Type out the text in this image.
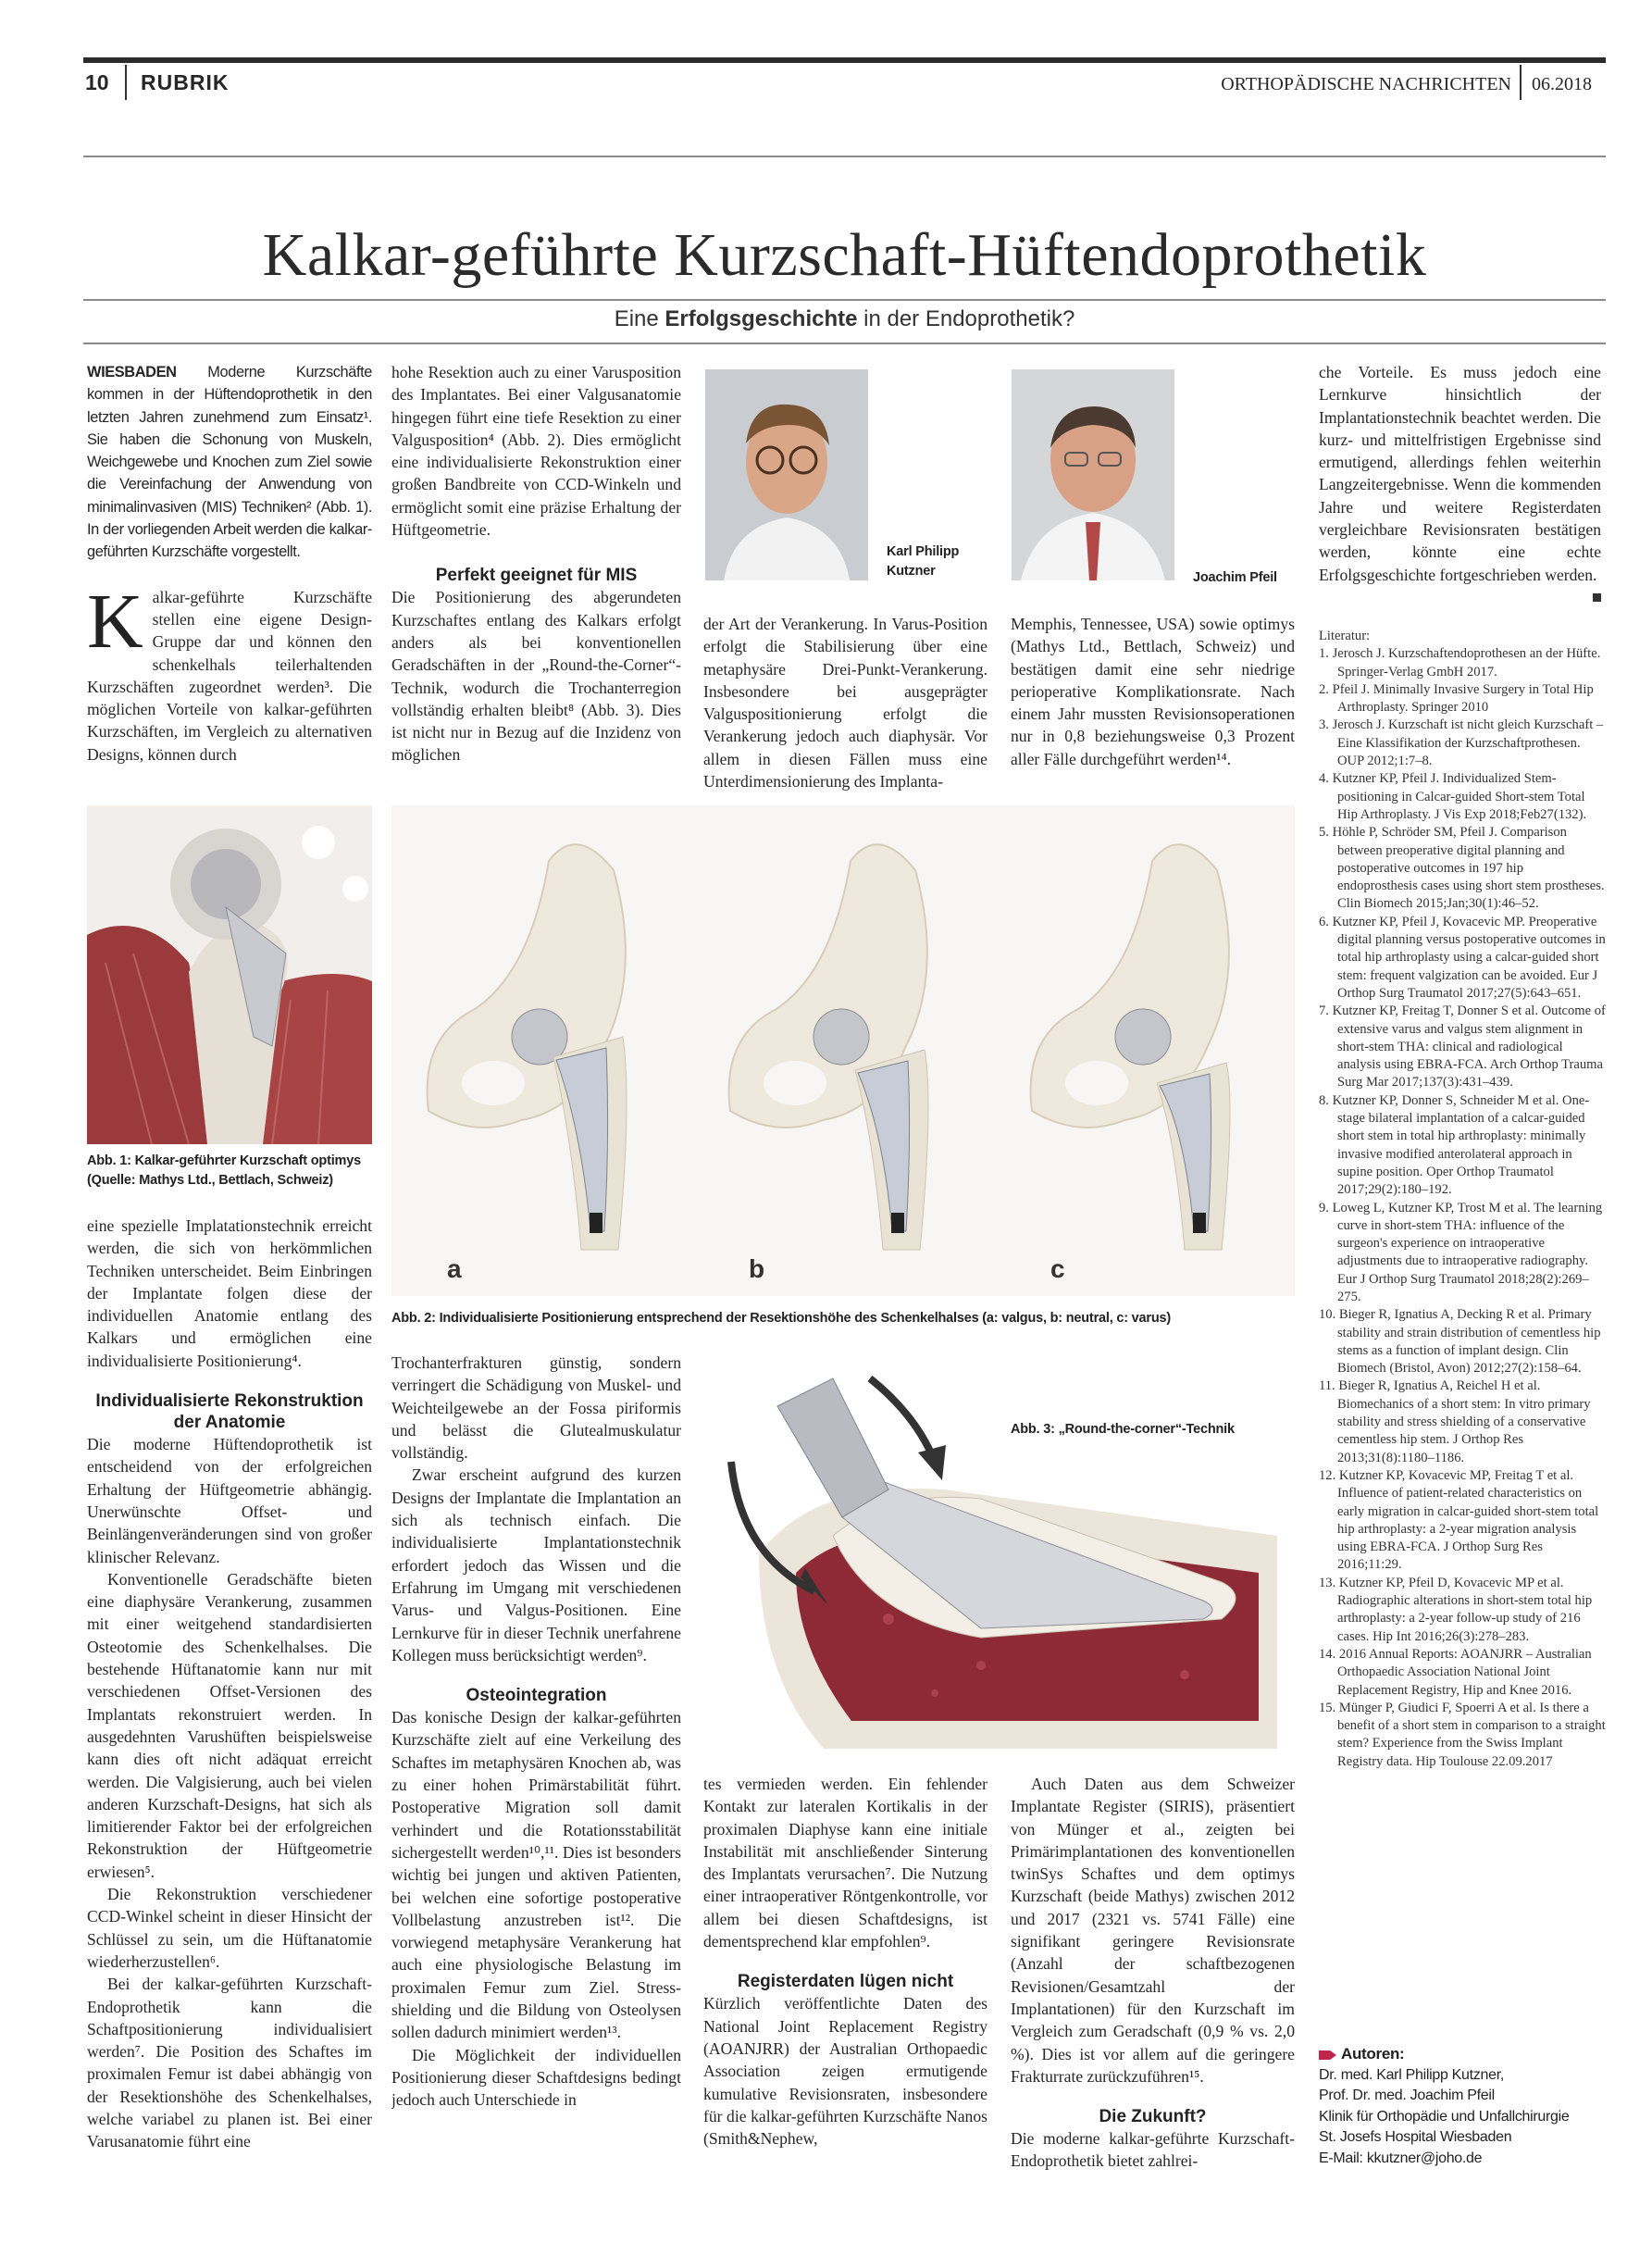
10 RUBRIK	ORTHOPÄDISCHE NACHRICHTEN 06.2018
Kalkar-geführte Kurzschaft-Hüftendoprothetik
Eine Erfolgsgeschichte in der Endoprothetik?

WIESBADEN Moderne Kurzschäfte kommen in der Hüftendoprothetik in den letzten Jahren zunehmend zum Einsatz¹. Sie haben die Schonung von Muskeln, Weichgewebe und Knochen zum Ziel sowie die Vereinfachung der Anwendung von minimalinvasiven (MIS) Techniken² (Abb. 1). In der vorliegenden Arbeit werden die kalkar-geführten Kurzschäfte vorgestellt.

Kalkar-geführte Kurzschäfte stellen eine eigene Design-Gruppe dar und können den schenkelhals teilerhaltenden Kurzschäften zugeordnet werden³. Die möglichen Vorteile von kalkar-geführten Kurzschäften, im Vergleich zu alternativen Designs, können durch

Abb. 1: Kalkar-geführter Kurzschaft optimys (Quelle: Mathys Ltd., Bettlach, Schweiz)

eine spezielle Implatationstechnik erreicht werden, die sich von herkömmlichen Techniken unterscheidet. Beim Einbringen der Implantate folgen diese der individuellen Anatomie entlang des Kalkars und ermöglichen eine individualisierte Positionierung⁴.

Individualisierte Rekonstruktion der Anatomie

Die moderne Hüftendoprothetik ist entscheidend von der erfolgreichen Erhaltung der Hüftgeometrie abhängig. Unerwünschte Offset- und Beinlängenveränderungen sind von großer klinischer Relevanz.

Konventionelle Geradschäfte bieten eine diaphysäre Verankerung, zusammen mit einer weitgehend standardisierten Osteotomie des Schenkelhalses. Die bestehende Hüftanatomie kann nur mit verschiedenen Offset-Versionen des Implantats rekonstruiert werden. In ausgedehnten Varushüften beispielsweise kann dies oft nicht adäquat erreicht werden. Die Valgisierung, auch bei vielen anderen Kurzschaft-Designs, hat sich als limitierender Faktor bei der erfolgreichen Rekonstruktion der Hüftgeometrie erwiesen⁵.

Die Rekonstruktion verschiedener CCD-Winkel scheint in dieser Hinsicht der Schlüssel zu sein, um die Hüftanatomie wiederherzustellen⁶.

Bei der kalkar-geführten Kurzschaft-Endoprothetik kann die Schaftpositionierung individualisiert werden⁷. Die Position des Schaftes im proximalen Femur ist dabei abhängig von der Resektionshöhe des Schenkelhalses, welche variabel zu planen ist. Bei einer Varusanatomie führt eine

hohe Resektion auch zu einer Varusposition des Implantates. Bei einer Valgusanatomie hingegen führt eine tiefe Resektion zu einer Valgusposition⁴ (Abb. 2). Dies ermöglicht eine individualisierte Rekonstruktion einer großen Bandbreite von CCD-Winkeln und ermöglicht somit eine präzise Erhaltung der Hüftgeometrie.

Perfekt geeignet für MIS

Die Positionierung des abgerundeten Kurzschaftes entlang des Kalkars erfolgt anders als bei konventionellen Geradschäften in der „Round-the-Corner“-Technik, wodurch die Trochanterregion vollständig erhalten bleibt⁸ (Abb. 3). Dies ist nicht nur in Bezug auf die Inzidenz von möglichen

Trochanterfrakturen günstig, sondern verringert die Schädigung von Muskel- und Weichteilgewebe an der Fossa piriformis und belässt die Glutealmuskulatur vollständig.

Zwar erscheint aufgrund des kurzen Designs der Implantate die Implantation an sich als technisch einfach. Die individualisierte Implantationstechnik erfordert jedoch das Wissen und die Erfahrung im Umgang mit verschiedenen Varus- und Valgus-Positionen. Eine Lernkurve für in dieser Technik unerfahrene Kollegen muss berücksichtigt werden⁹.

Osteointegration

Das konische Design der kalkar-geführten Kurzschäfte zielt auf eine Verkeilung des Schaftes im metaphysären Knochen ab, was zu einer hohen Primärstabilität führt. Postoperative Migration soll damit verhindert und die Rotationsstabilität sichergestellt werden¹⁰,¹¹. Dies ist besonders wichtig bei jungen und aktiven Patienten, bei welchen eine sofortige postoperative Vollbelastung anzustreben ist¹². Die vorwiegend metaphysäre Verankerung hat auch eine physiologische Belastung im proximalen Femur zum Ziel. Stress-shielding und die Bildung von Osteolysen sollen dadurch minimiert werden¹³.

Die Möglichkeit der individuellen Positionierung dieser Schaftdesigns bedingt jedoch auch Unterschiede in

Karl Philipp Kutzner	Joachim Pfeil

der Art der Verankerung. In Varus-Position erfolgt die Stabilisierung über eine metaphysäre Drei-Punkt-Verankerung. Insbesondere bei ausgeprägter Valguspositionierung erfolgt die Verankerung jedoch auch diaphysär. Vor allem in diesen Fällen muss eine Unterdimensionierung des Implanta-

Memphis, Tennessee, USA) sowie optimys (Mathys Ltd., Bettlach, Schweiz) und bestätigen damit eine sehr niedrige perioperative Komplikationsrate. Nach einem Jahr mussten Revisionsoperationen nur in 0,8 beziehungsweise 0,3 Prozent aller Fälle durchgeführt werden¹⁴.

a	b	c
Abb. 2: Individualisierte Positionierung entsprechend der Resektionshöhe des Schenkelhalses (a: valgus, b: neutral, c: varus)
Abb. 3: „Round-the-corner“-Technik

tes vermieden werden. Ein fehlender Kontakt zur lateralen Kortikalis in der proximalen Diaphyse kann eine initiale Instabilität mit anschließender Sinterung des Implantats verursachen⁷. Die Nutzung einer intraoperativer Röntgenkontrolle, vor allem bei diesen Schaftdesigns, ist dementsprechend klar empfohlen⁹.

Registerdaten lügen nicht

Kürzlich veröffentlichte Daten des National Joint Replacement Registry (AOANJRR) der Australian Orthopaedic Association zeigen ermutigende kumulative Revisionsraten, insbesondere für die kalkar-geführten Kurzschäfte Nanos (Smith&Nephew,

Auch Daten aus dem Schweizer Implantate Register (SIRIS), präsentiert von Münger et al., zeigten bei Primärimplantationen des konventionellen twinSys Schaftes und dem optimys Kurzschaft (beide Mathys) zwischen 2012 und 2017 (2321 vs. 5741 Fälle) eine signifikant geringere Revisionsrate (Anzahl der schaftbezogenen Revisionen/Gesamtzahl der Implantationen) für den Kurzschaft im Vergleich zum Geradschaft (0,9 % vs. 2,0 %). Dies ist vor allem auf die geringere Frakturrate zurückzuführen¹⁵.

Die Zukunft?

Die moderne kalkar-geführte Kurzschaft-Endoprothetik bietet zahlrei-

che Vorteile. Es muss jedoch eine Lernkurve hinsichtlich der Implantationstechnik beachtet werden. Die kurz- und mittelfristigen Ergebnisse sind ermutigend, allerdings fehlen weiterhin Langzeitergebnisse. Wenn die kommenden Jahre und weitere Registerdaten vergleichbare Revisionsraten bestätigen werden, könnte eine echte Erfolgsgeschichte fortgeschrieben werden.

Literatur:
1. Jerosch J. Kurzschaftendoprothesen an der Hüfte. Springer-Verlag GmbH 2017.
2. Pfeil J. Minimally Invasive Surgery in Total Hip Arthroplasty. Springer 2010
3. Jerosch J. Kurzschaft ist nicht gleich Kurzschaft – Eine Klassifikation der Kurzschaftprothesen. OUP 2012;1:7–8.
4. Kutzner KP, Pfeil J. Individualized Stem-positioning in Calcar-guided Short-stem Total Hip Arthroplasty. J Vis Exp 2018;Feb27(132).
5. Höhle P, Schröder SM, Pfeil J. Comparison between preoperative digital planning and postoperative outcomes in 197 hip endoprosthesis cases using short stem prostheses. Clin Biomech 2015;Jan;30(1):46–52.
6. Kutzner KP, Pfeil J, Kovacevic MP. Preoperative digital planning versus postoperative outcomes in total hip arthroplasty using a calcar-guided short stem: frequent valgization can be avoided. Eur J Orthop Surg Traumatol 2017;27(5):643–651.
7. Kutzner KP, Freitag T, Donner S et al. Outcome of extensive varus and valgus stem alignment in short-stem THA: clinical and radiological analysis using EBRA-FCA. Arch Orthop Trauma Surg Mar 2017;137(3):431–439.
8. Kutzner KP, Donner S, Schneider M et al. One-stage bilateral implantation of a calcar-guided short stem in total hip arthroplasty: minimally invasive modified anterolateral approach in supine position. Oper Orthop Traumatol 2017;29(2):180–192.
9. Loweg L, Kutzner KP, Trost M et al. The learning curve in short-stem THA: influence of the surgeon's experience on intraoperative adjustments due to intraoperative radiography. Eur J Orthop Surg Traumatol 2018;28(2):269–275.
10. Bieger R, Ignatius A, Decking R et al. Primary stability and strain distribution of cementless hip stems as a function of implant design. Clin Biomech (Bristol, Avon) 2012;27(2):158–64.
11. Bieger R, Ignatius A, Reichel H et al. Biomechanics of a short stem: In vitro primary stability and stress shielding of a conservative cementless hip stem. J Orthop Res 2013;31(8):1180–1186.
12. Kutzner KP, Kovacevic MP, Freitag T et al. Influence of patient-related characteristics on early migration in calcar-guided short-stem total hip arthroplasty: a 2-year migration analysis using EBRA-FCA. J Orthop Surg Res 2016;11:29.
13. Kutzner KP, Pfeil D, Kovacevic MP et al. Radiographic alterations in short-stem total hip arthroplasty: a 2-year follow-up study of 216 cases. Hip Int 2016;26(3):278–283.
14. 2016 Annual Reports: AOANJRR – Australian Orthopaedic Association National Joint Replacement Registry, Hip and Knee 2016.
15. Münger P, Giudici F, Spoerri A et al. Is there a benefit of a short stem in comparison to a straight stem? Experience from the Swiss Implant Registry data. Hip Toulouse 22.09.2017
Autoren:
Dr. med. Karl Philipp Kutzner,
Prof. Dr. med. Joachim Pfeil
Klinik für Orthopädie und Unfallchirurgie
St. Josefs Hospital Wiesbaden
E-Mail: kkutzner@joho.de
